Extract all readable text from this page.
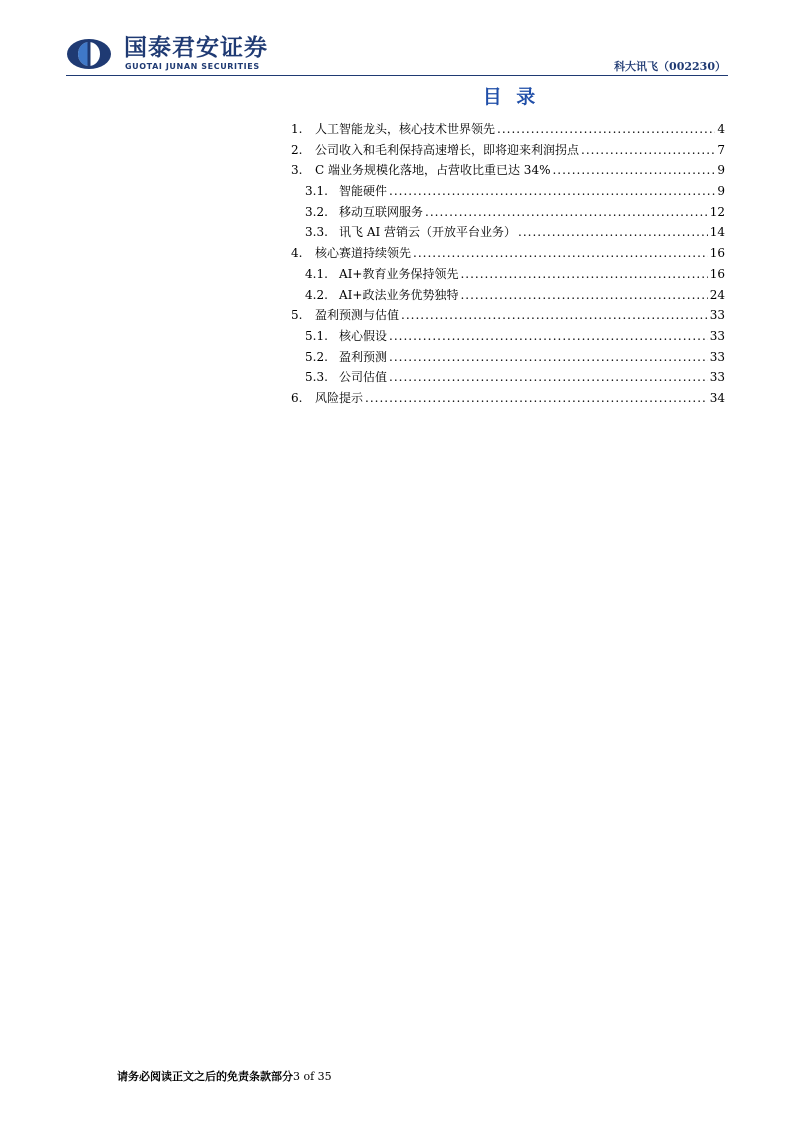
国泰君安证券
GUOTAI JUNAN SECURITIES	科大讯飞（002230）
目 录
1.	人工智能龙头，核心技术世界领先 .....	4
2.	公司收入和毛利保持高速增长，即将迎来利润拐点 .....	7
3.	C 端业务规模化落地，占营收比重已达 34% .....	9
3.1. 智能硬件 .....	9
3.2. 移动互联网服务 .....	12
3.3. 讯飞 AI 营销云（开放平台业务） .....	14
4.	核心赛道持续领先 .....	16
4.1. AI+教育业务保持领先 .....	16
4.2. AI+政法业务优势独特 .....	24
5.	盈利预测与估值 .....	33
5.1. 核心假设 .....	33
5.2. 盈利预测 .....	33
5.3. 公司估值 .....	33
6.	风险提示 .....	34
请务必阅读正文之后的免责条款部分3 of 35
